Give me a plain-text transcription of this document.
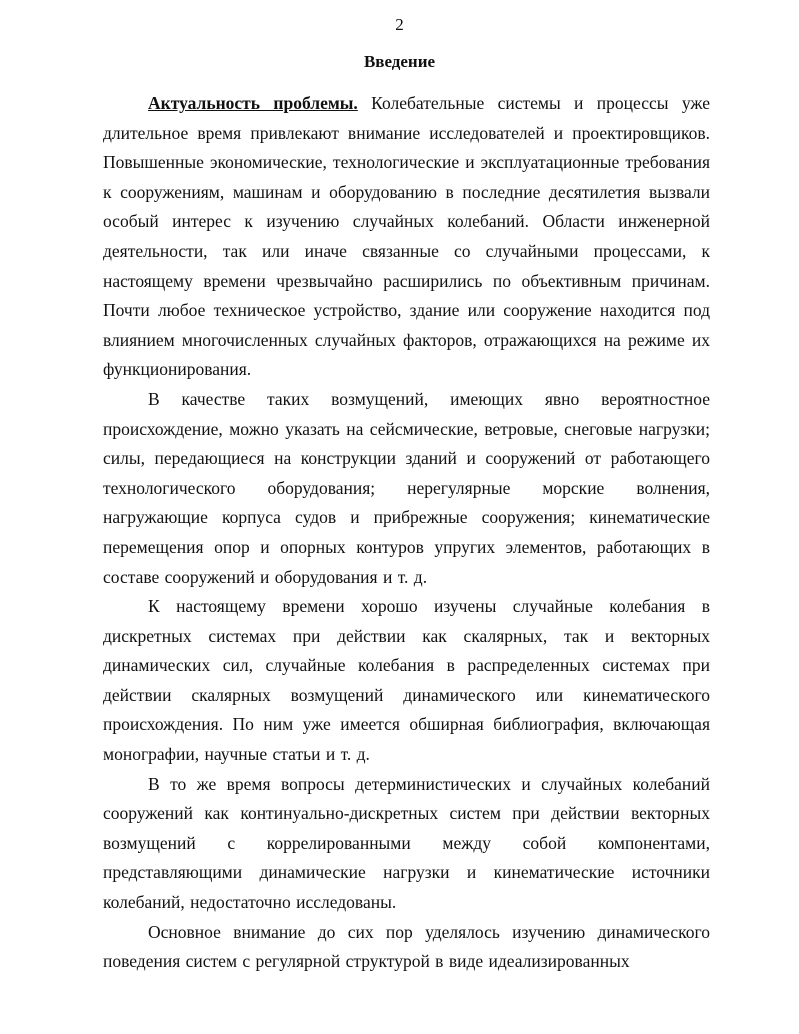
2
Введение

Актуальность проблемы. Колебательные системы и процессы уже длительное время привлекают внимание исследователей и проектировщиков. Повышенные экономические, технологические и эксплуатационные требования к сооружениям, машинам и оборудованию в последние десятилетия вызвали особый интерес к изучению случайных колебаний. Области инженерной деятельности, так или иначе связанные со случайными процессами, к настоящему времени чрезвычайно расширились по объективным причинам. Почти любое техническое устройство, здание или сооружение находится под влиянием многочисленных случайных факторов, отражающихся на режиме их функционирования.

В качестве таких возмущений, имеющих явно вероятностное происхождение, можно указать на сейсмические, ветровые, снеговые нагрузки; силы, передающиеся на конструкции зданий и сооружений от работающего технологического оборудования; нерегулярные морские волнения, нагружающие корпуса судов и прибрежные сооружения; кинематические перемещения опор и опорных контуров упругих элементов, работающих в составе сооружений и оборудования и т. д.

К настоящему времени хорошо изучены случайные колебания в дискретных системах при действии как скалярных, так и векторных динамических сил, случайные колебания в распределенных системах при действии скалярных возмущений динамического или кинематического происхождения. По ним уже имеется обширная библиография, включающая монографии, научные статьи и т. д.

В то же время вопросы детерминистических и случайных колебаний сооружений как континуально-дискретных систем при действии векторных возмущений с коррелированными между собой компонентами, представляющими динамические нагрузки и кинематические источники колебаний, недостаточно исследованы.

Основное внимание до сих пор уделялось изучению динамического поведения систем с регулярной структурой в виде идеализированных
